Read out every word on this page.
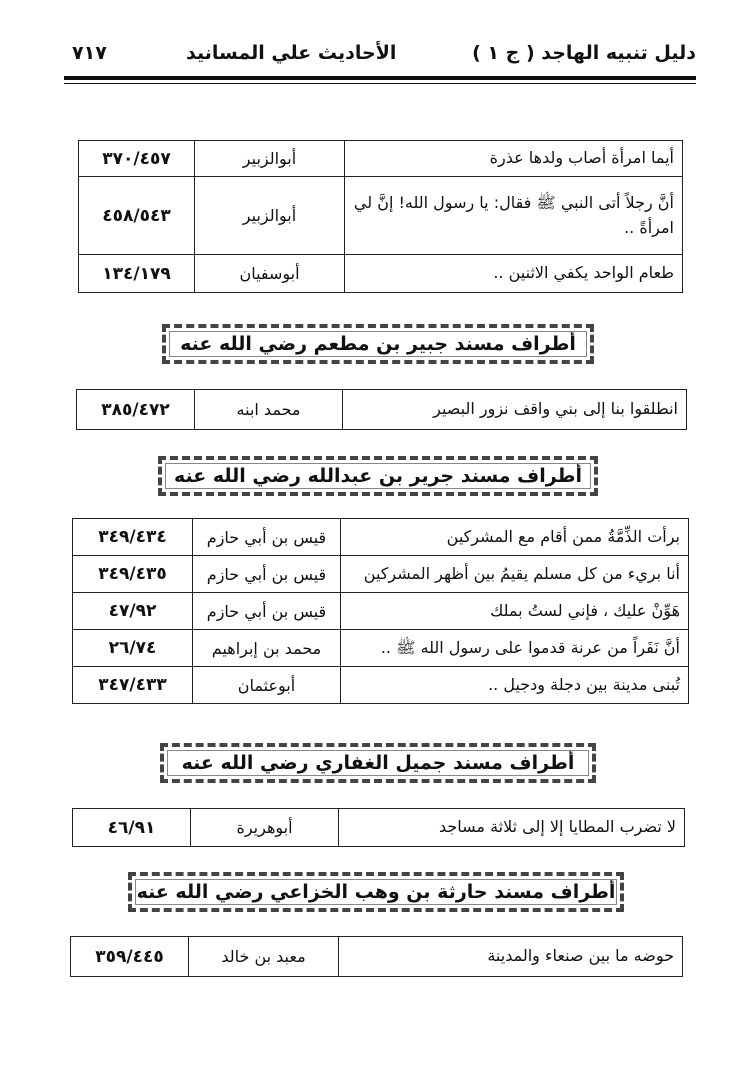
دليل تنبيه الهاجد ( ج ١ )
الأحاديث علي المسانيد
٧١٧
أيما امرأة أصاب ولدها عذرة	أبوالزبير	٣٧٠/٤٥٧
أنَّ رجلاً أتى النبي ﷺ فقال: يا رسول الله! إنَّ لي امرأةً ..	أبوالزبير	٤٥٨/٥٤٣
طعام الواحد يكفي الاثنين ..	أبوسفيان	١٣٤/١٧٩
أطراف مسند جبير بن مطعم رضي الله عنه
انطلقوا بنا إلى بني واقف نزور البصير	محمد ابنه	٣٨٥/٤٧٢
أطراف مسند جرير بن عبدالله رضي الله عنه
برأت الذِّمَّةُ ممن أقام مع المشركين	قيس بن أبي حازم	٣٤٩/٤٣٤
أنا بريء من كل مسلم يقيمُ بين أظهر المشركين	قيس بن أبي حازم	٣٤٩/٤٣٥
هَوِّنْ عليك ، فإني لستُ بملك	قيس بن أبي حازم	٤٧/٩٢
أنَّ نَفَراً من عرنة قدموا على رسول الله ﷺ ..	محمد بن إبراهيم	٢٦/٧٤
تُبنى مدينة بين دجلة ودجيل ..	أبوعثمان	٣٤٧/٤٣٣
أطراف مسند جميل الغفاري رضي الله عنه
لا تضرب المطايا إلا إلى ثلاثة مساجد	أبوهريرة	٤٦/٩١
أطراف مسند حارثة بن وهب الخزاعي رضي الله عنه
حوضه ما بين صنعاء والمدينة	معبد بن خالد	٣٥٩/٤٤٥
